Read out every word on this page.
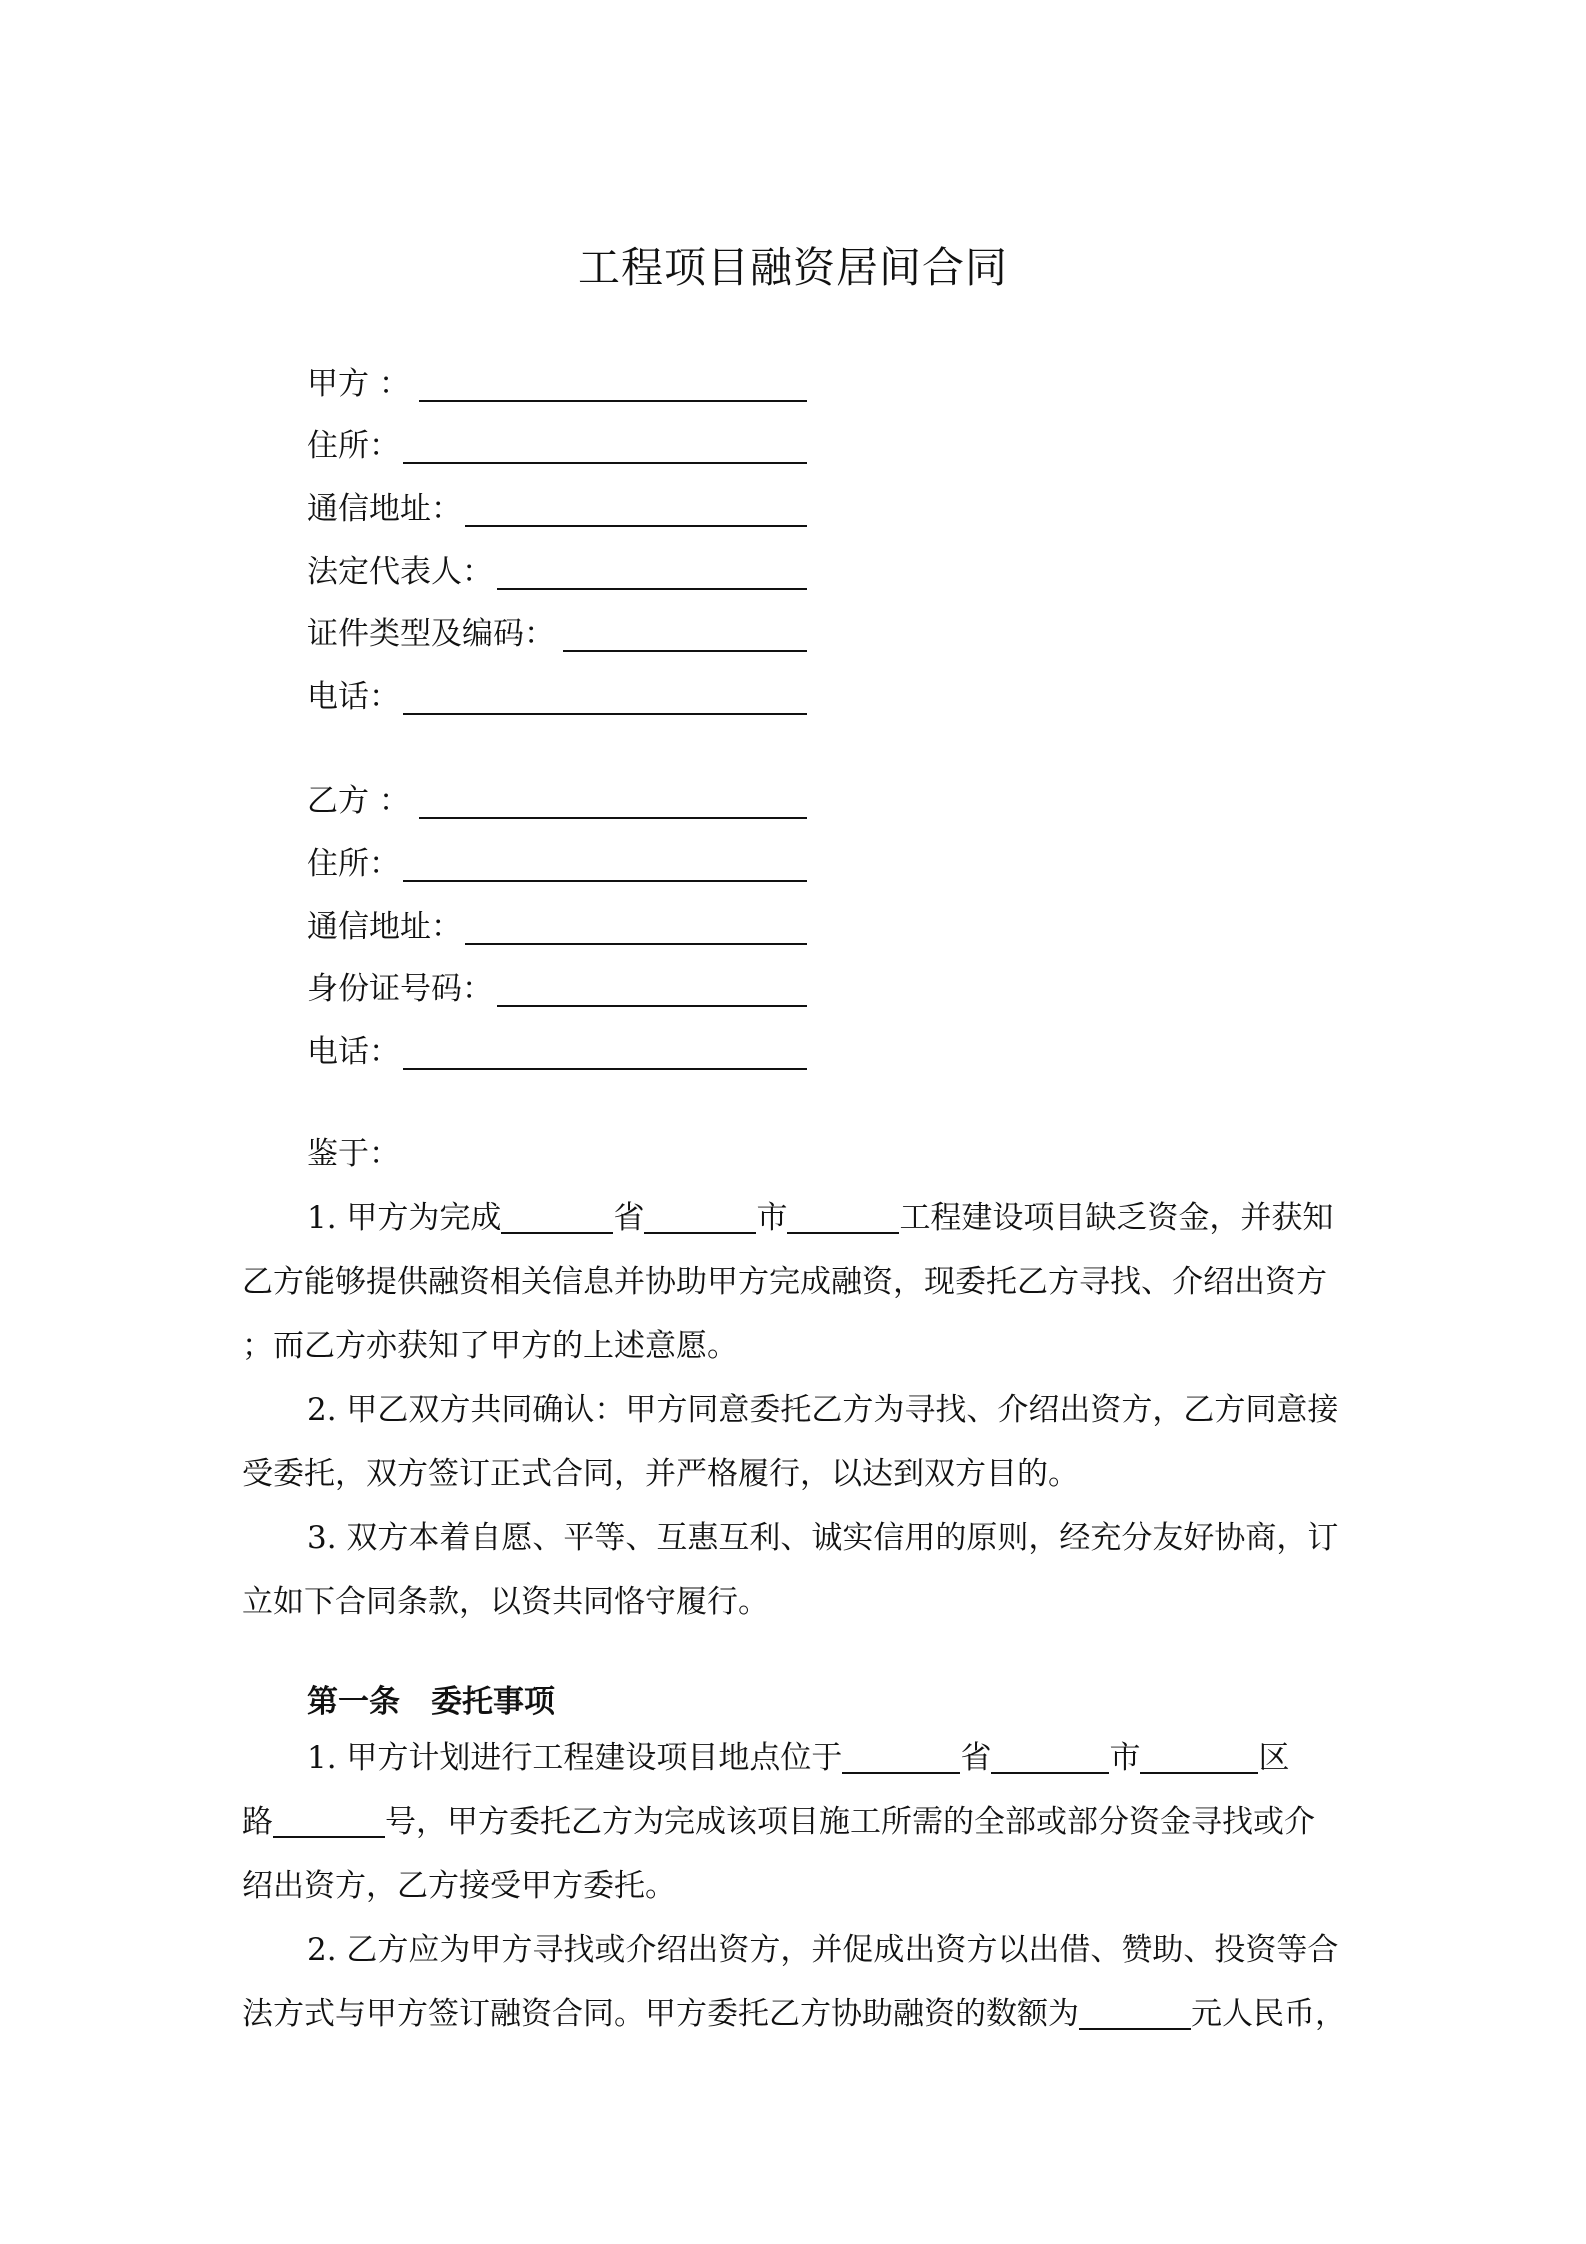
工程项目融资居间合同
甲方 ：
住所：
通信地址：
法定代表人：
证件类型及编码：
电话：
乙方 ：
住所：
通信地址：
身份证号码：
电话：
鉴于：
1. 甲方为完成	省	市	工程建设项目缺乏资金，并获知
乙方能够提供融资相关信息并协助甲方完成融资，现委托乙方寻找、介绍出资方
；而乙方亦获知了甲方的上述意愿。
2. 甲乙双方共同确认：甲方同意委托乙方为寻找、介绍出资方，乙方同意接
受委托，双方签订正式合同，并严格履行，以达到双方目的。
3. 双方本着自愿、平等、互惠互利、诚实信用的原则，经充分友好协商，订
立如下合同条款，以资共同恪守履行。
第一条　委托事项
1. 甲方计划进行工程建设项目地点位于	省	市	区
路	号，甲方委托乙方为完成该项目施工所需的全部或部分资金寻找或介
绍出资方，乙方接受甲方委托。
2. 乙方应为甲方寻找或介绍出资方，并促成出资方以出借、赞助、投资等合
法方式与甲方签订融资合同。甲方委托乙方协助融资的数额为	元人民币，
